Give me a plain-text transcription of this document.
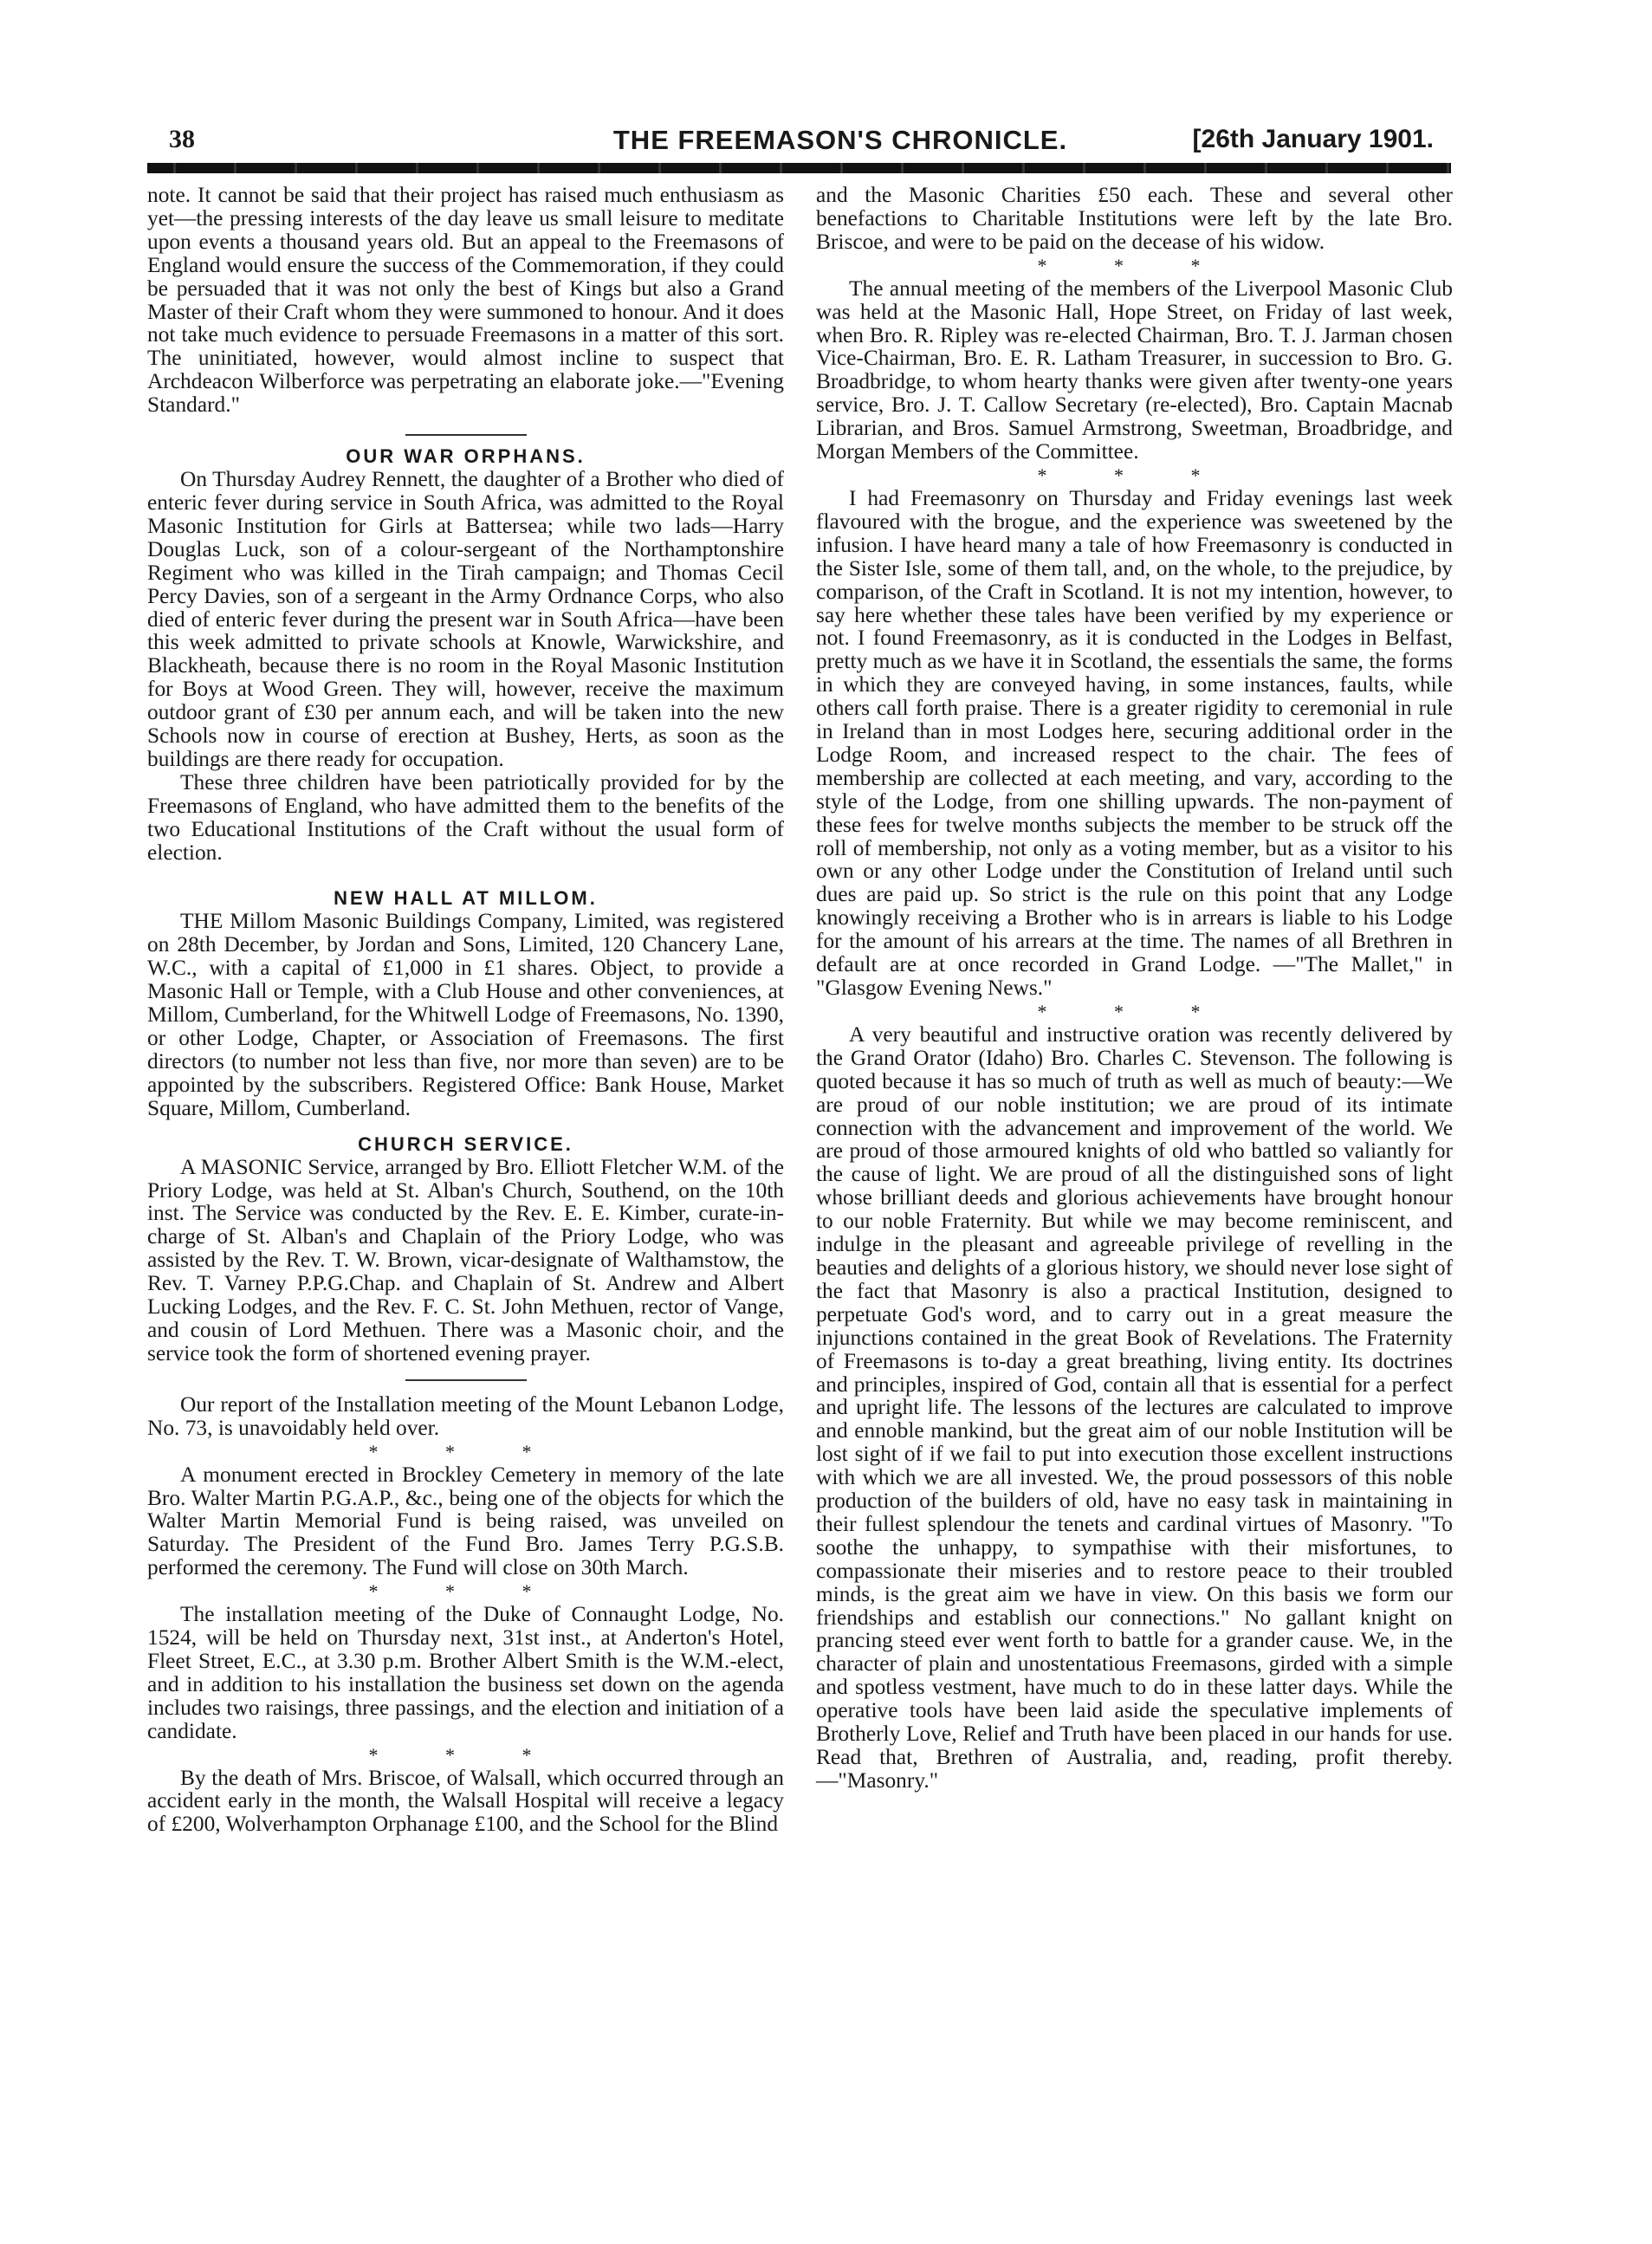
38	THE FREEMASON'S CHRONICLE.	[26th January 1901.

note. It cannot be said that their project has raised much enthusiasm as yet—the pressing interests of the day leave us small leisure to meditate upon events a thousand years old. But an appeal to the Freemasons of England would ensure the success of the Commemoration, if they could be persuaded that it was not only the best of Kings but also a Grand Master of their Craft whom they were summoned to honour. And it does not take much evidence to persuade Freemasons in a matter of this sort. The uninitiated, however, would almost incline to suspect that Archdeacon Wilberforce was perpetrating an elaborate joke.—"Evening Standard."

OUR WAR ORPHANS.

On Thursday Audrey Rennett, the daughter of a Brother who died of enteric fever during service in South Africa, was admitted to the Royal Masonic Institution for Girls at Battersea; while two lads—Harry Douglas Luck, son of a colour-sergeant of the Northamptonshire Regiment who was killed in the Tirah campaign; and Thomas Cecil Percy Davies, son of a sergeant in the Army Ordnance Corps, who also died of enteric fever during the present war in South Africa—have been this week admitted to private schools at Knowle, Warwickshire, and Blackheath, because there is no room in the Royal Masonic Institution for Boys at Wood Green. They will, however, receive the maximum outdoor grant of £30 per annum each, and will be taken into the new Schools now in course of erection at Bushey, Herts, as soon as the buildings are there ready for occupation.

These three children have been patriotically provided for by the Freemasons of England, who have admitted them to the benefits of the two Educational Institutions of the Craft without the usual form of election.

NEW HALL AT MILLOM.

THE Millom Masonic Buildings Company, Limited, was registered on 28th December, by Jordan and Sons, Limited, 120 Chancery Lane, W.C., with a capital of £1,000 in £1 shares. Object, to provide a Masonic Hall or Temple, with a Club House and other conveniences, at Millom, Cumberland, for the Whitwell Lodge of Freemasons, No. 1390, or other Lodge, Chapter, or Association of Freemasons. The first directors (to number not less than five, nor more than seven) are to be appointed by the subscribers. Registered Office: Bank House, Market Square, Millom, Cumberland.

CHURCH SERVICE.

A MASONIC Service, arranged by Bro. Elliott Fletcher W.M. of the Priory Lodge, was held at St. Alban's Church, Southend, on the 10th inst. The Service was conducted by the Rev. E. E. Kimber, curate-in-charge of St. Alban's and Chaplain of the Priory Lodge, who was assisted by the Rev. T. W. Brown, vicar-designate of Walthamstow, the Rev. T. Varney P.P.G.Chap. and Chaplain of St. Andrew and Albert Lucking Lodges, and the Rev. F. C. St. John Methuen, rector of Vange, and cousin of Lord Methuen. There was a Masonic choir, and the service took the form of shortened evening prayer.

Our report of the Installation meeting of the Mount Lebanon Lodge, No. 73, is unavoidably held over.

* * *

A monument erected in Brockley Cemetery in memory of the late Bro. Walter Martin P.G.A.P., &c., being one of the objects for which the Walter Martin Memorial Fund is being raised, was unveiled on Saturday. The President of the Fund Bro. James Terry P.G.S.B. performed the ceremony. The Fund will close on 30th March.

* * *

The installation meeting of the Duke of Connaught Lodge, No. 1524, will be held on Thursday next, 31st inst., at Anderton's Hotel, Fleet Street, E.C., at 3.30 p.m. Brother Albert Smith is the W.M.-elect, and in addition to his installation the business set down on the agenda includes two raisings, three passings, and the election and initiation of a candidate.

* * *

By the death of Mrs. Briscoe, of Walsall, which occurred through an accident early in the month, the Walsall Hospital will receive a legacy of £200, Wolverhampton Orphanage £100, and the School for the Blind

and the Masonic Charities £50 each. These and several other benefactions to Charitable Institutions were left by the late Bro. Briscoe, and were to be paid on the decease of his widow.

* * *

The annual meeting of the members of the Liverpool Masonic Club was held at the Masonic Hall, Hope Street, on Friday of last week, when Bro. R. Ripley was re-elected Chairman, Bro. T. J. Jarman chosen Vice-Chairman, Bro. E. R. Latham Treasurer, in succession to Bro. G. Broadbridge, to whom hearty thanks were given after twenty-one years service, Bro. J. T. Callow Secretary (re-elected), Bro. Captain Macnab Librarian, and Bros. Samuel Armstrong, Sweetman, Broadbridge, and Morgan Members of the Committee.

* * *

I had Freemasonry on Thursday and Friday evenings last week flavoured with the brogue, and the experience was sweetened by the infusion. I have heard many a tale of how Freemasonry is conducted in the Sister Isle, some of them tall, and, on the whole, to the prejudice, by comparison, of the Craft in Scotland. It is not my intention, however, to say here whether these tales have been verified by my experience or not. I found Freemasonry, as it is conducted in the Lodges in Belfast, pretty much as we have it in Scotland, the essentials the same, the forms in which they are conveyed having, in some instances, faults, while others call forth praise. There is a greater rigidity to ceremonial in rule in Ireland than in most Lodges here, securing additional order in the Lodge Room, and increased respect to the chair. The fees of membership are collected at each meeting, and vary, according to the style of the Lodge, from one shilling upwards. The non-payment of these fees for twelve months subjects the member to be struck off the roll of membership, not only as a voting member, but as a visitor to his own or any other Lodge under the Constitution of Ireland until such dues are paid up. So strict is the rule on this point that any Lodge knowingly receiving a Brother who is in arrears is liable to his Lodge for the amount of his arrears at the time. The names of all Brethren in default are at once recorded in Grand Lodge. —"The Mallet," in "Glasgow Evening News."

* * *

A very beautiful and instructive oration was recently delivered by the Grand Orator (Idaho) Bro. Charles C. Stevenson. The following is quoted because it has so much of truth as well as much of beauty:—We are proud of our noble institution; we are proud of its intimate connection with the advancement and improvement of the world. We are proud of those armoured knights of old who battled so valiantly for the cause of light. We are proud of all the distinguished sons of light whose brilliant deeds and glorious achievements have brought honour to our noble Fraternity. But while we may become reminiscent, and indulge in the pleasant and agreeable privilege of revelling in the beauties and delights of a glorious history, we should never lose sight of the fact that Masonry is also a practical Institution, designed to perpetuate God's word, and to carry out in a great measure the injunctions contained in the great Book of Revelations. The Fraternity of Freemasons is to-day a great breathing, living entity. Its doctrines and principles, inspired of God, contain all that is essential for a perfect and upright life. The lessons of the lectures are calculated to improve and ennoble mankind, but the great aim of our noble Institution will be lost sight of if we fail to put into execution those excellent instructions with which we are all invested. We, the proud possessors of this noble production of the builders of old, have no easy task in maintaining in their fullest splendour the tenets and cardinal virtues of Masonry. "To soothe the unhappy, to sympathise with their misfortunes, to compassionate their miseries and to restore peace to their troubled minds, is the great aim we have in view. On this basis we form our friendships and establish our connections." No gallant knight on prancing steed ever went forth to battle for a grander cause. We, in the character of plain and unostentatious Freemasons, girded with a simple and spotless vestment, have much to do in these latter days. While the operative tools have been laid aside the speculative implements of Brotherly Love, Relief and Truth have been placed in our hands for use. Read that, Brethren of Australia, and, reading, profit thereby.—"Masonry."
